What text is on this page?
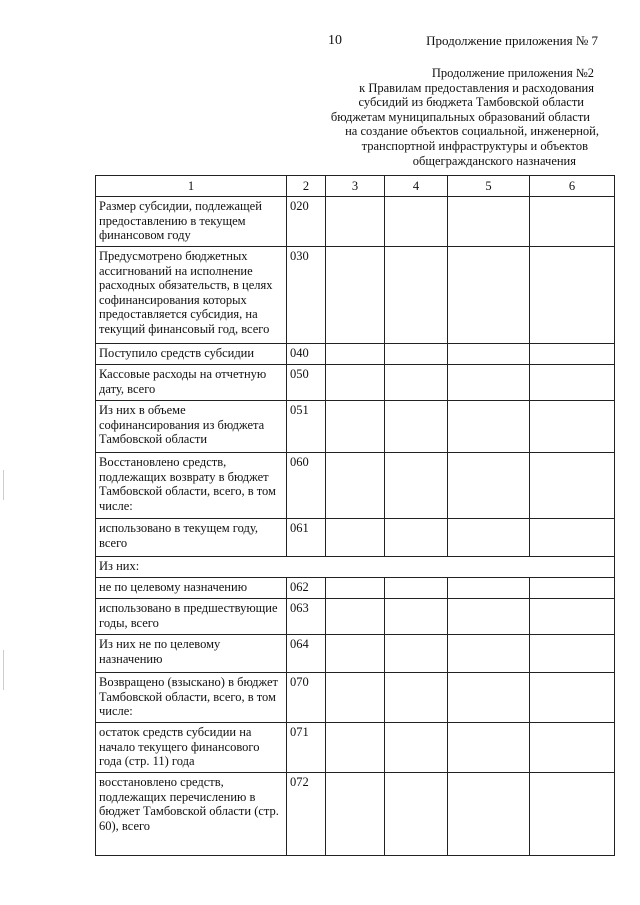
10	Продолжение приложения № 7
Продолжение приложения №2
к Правилам предоставления и расходования
субсидий из бюджета Тамбовской области
бюджетам муниципальных образований области
на создание объектов социальной, инженерной,
транспортной инфраструктуры и объектов
общегражданского назначения
1	2	3	4	5	6
Размер субсидии, подлежащей предоставлению в текущем финансовом году	020				
Предусмотрено бюджетных ассигнований на исполнение расходных обязательств, в целях софинансирования которых предоставляется субсидия, на текущий финансовый год, всего	030				
Поступило средств субсидии	040				
Кассовые расходы на отчетную дату, всего	050				
Из них в объеме софинансирования из бюджета Тамбовской области	051				
Восстановлено средств, подлежащих возврату в бюджет Тамбовской области, всего, в том числе:	060				
использовано в текущем году, всего	061				
Из них:					
не по целевому назначению	062				
использовано в предшествующие годы, всего	063				
Из них не по целевому назначению	064				
Возвращено (взыскано) в бюджет Тамбовской области, всего, в том числе:	070				
остаток средств субсидии на начало текущего финансового года (стр. 11) года	071				
восстановлено средств, подлежащих перечислению в бюджет Тамбовской области (стр. 60), всего	072				
